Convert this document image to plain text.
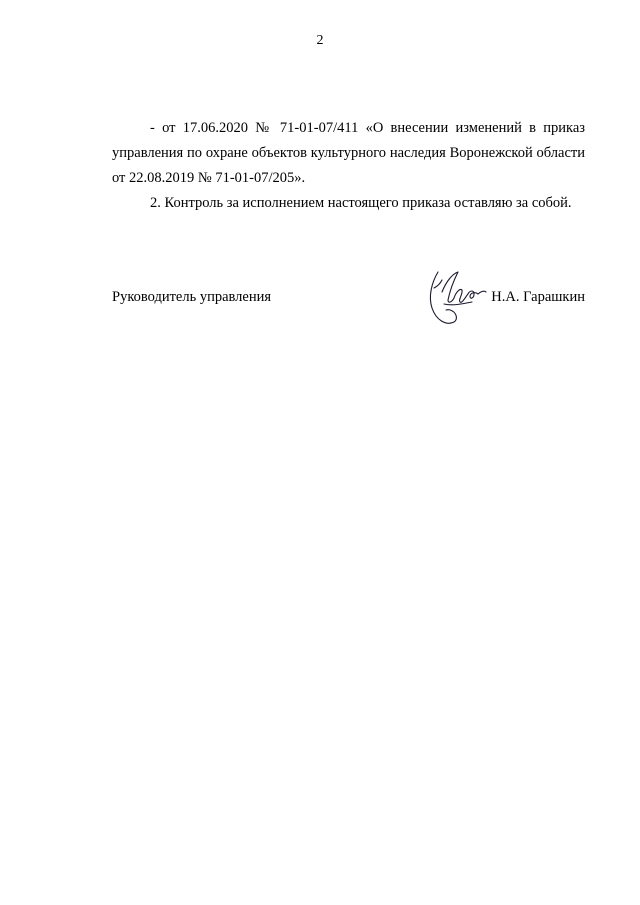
2

- от 17.06.2020 № 71-01-07/411 «О внесении изменений в приказ управления по охране объектов культурного наследия Воронежской области от 22.08.2019 № 71-01-07/205».

2. Контроль за исполнением настоящего приказа оставляю за собой.

Руководитель управления	Н.А. Гарашкин
